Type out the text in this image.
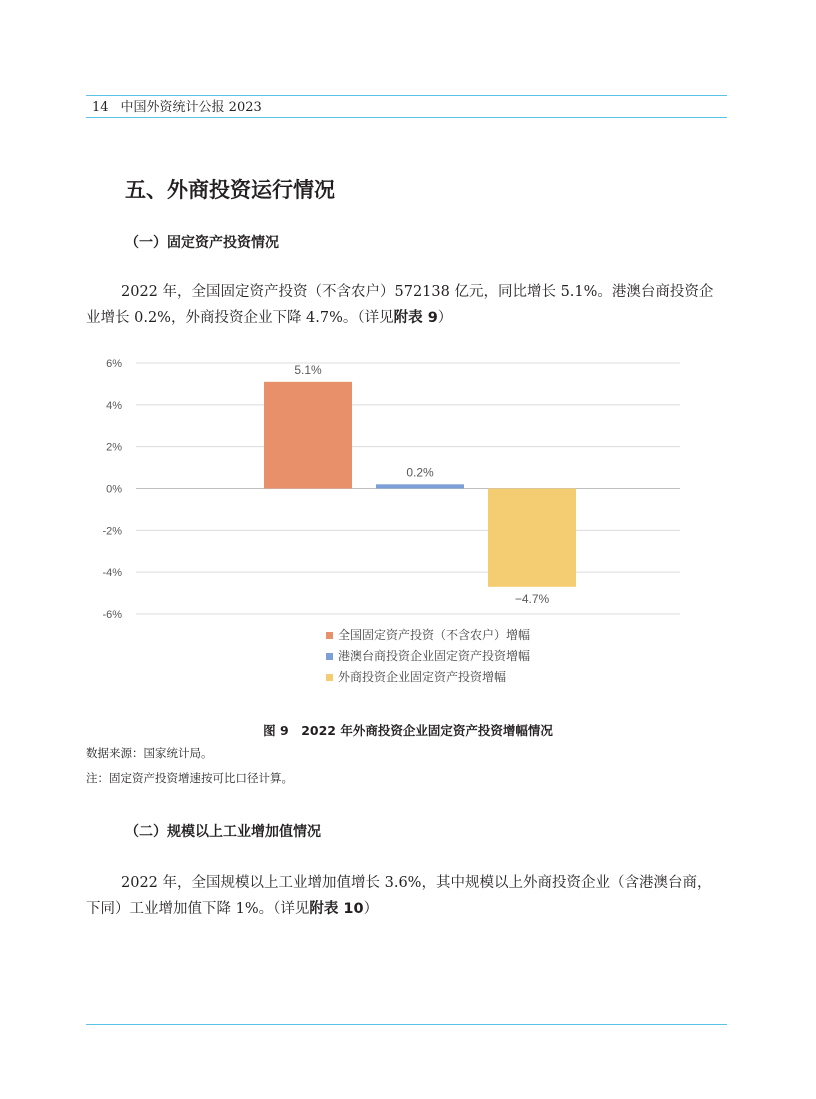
14 中国外资统计公报 2023
五、外商投资运行情况
（一）固定资产投资情况
2022 年，全国固定资产投资（不含农户）572138 亿元，同比增长 5.1%。港澳台商投资企
业增长 0.2%，外商投资企业下降 4.7%。（详见附表 9）
6%
4%
2%
0%
-2%
-4%
-6%
5.1%
0.2%
−4.7%
全国固定资产投资（不含农户）增幅
港澳台商投资企业固定资产投资增幅
外商投资企业固定资产投资增幅
图 9　2022 年外商投资企业固定资产投资增幅情况
数据来源：国家统计局。
注：固定资产投资增速按可比口径计算。
（二）规模以上工业增加值情况
2022 年，全国规模以上工业增加值增长 3.6%，其中规模以上外商投资企业（含港澳台商，
下同）工业增加值下降 1%。（详见附表 10）
